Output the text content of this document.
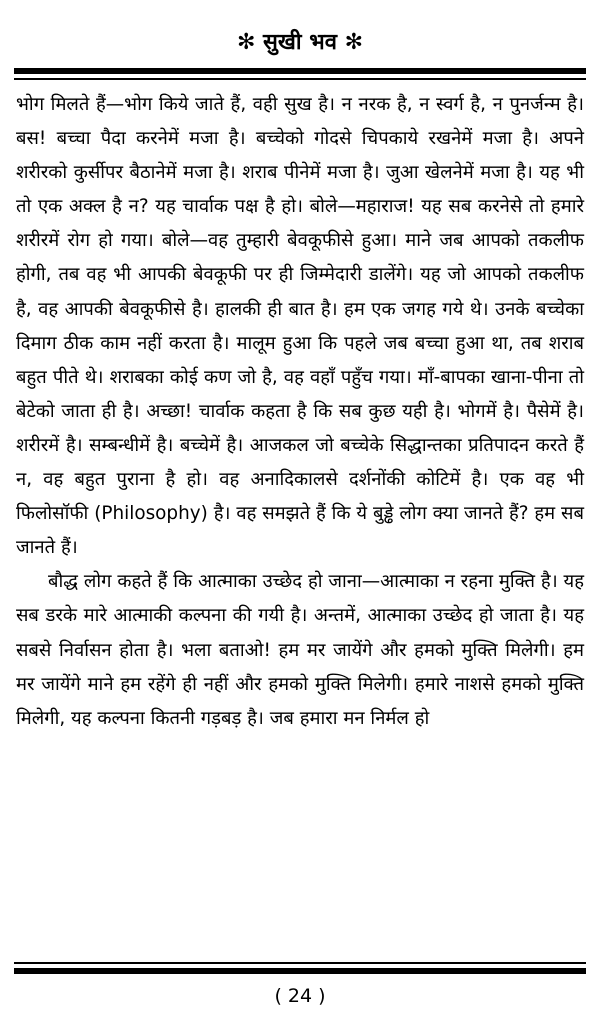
✻ सुखी भव ✻

भोग मिलते हैं—भोग किये जाते हैं, वही सुख है। न नरक है, न स्वर्ग है, न पुनर्जन्म है। बस! बच्चा पैदा करनेमें मजा है। बच्चेको गोदसे चिपकाये रखनेमें मजा है। अपने शरीरको कुर्सीपर बैठानेमें मजा है। शराब पीनेमें मजा है। जुआ खेलनेमें मजा है। यह भी तो एक अक्ल है न? यह चार्वाक पक्ष है हो। बोले—महाराज! यह सब करनेसे तो हमारे शरीरमें रोग हो गया। बोले—वह तुम्हारी बेवकूफीसे हुआ। माने जब आपको तकलीफ होगी, तब वह भी आपकी बेवकूफी पर ही जिम्मेदारी डालेंगे। यह जो आपको तकलीफ है, वह आपकी बेवकूफीसे है। हालकी ही बात है। हम एक जगह गये थे। उनके बच्चेका दिमाग ठीक काम नहीं करता है। मालूम हुआ कि पहले जब बच्चा हुआ था, तब शराब बहुत पीते थे। शराबका कोई कण जो है, वह वहाँ पहुँच गया। माँ-बापका खाना-पीना तो बेटेको जाता ही है। अच्छा! चार्वाक कहता है कि सब कुछ यही है। भोगमें है। पैसेमें है। शरीरमें है। सम्बन्धीमें है। बच्चेमें है। आजकल जो बच्चेके सिद्धान्तका प्रतिपादन करते हैं न, वह बहुत पुराना है हो। वह अनादिकालसे दर्शनोंकी कोटिमें है। एक वह भी फिलोसॉफी (Philosophy) है। वह समझते हैं कि ये बुड्ढे लोग क्या जानते हैं? हम सब जानते हैं।

बौद्ध लोग कहते हैं कि आत्माका उच्छेद हो जाना—आत्माका न रहना मुक्ति है। यह सब डरके मारे आत्माकी कल्पना की गयी है। अन्तमें, आत्माका उच्छेद हो जाता है। यह सबसे निर्वासन होता है। भला बताओ! हम मर जायेंगे और हमको मुक्ति मिलेगी। हम मर जायेंगे माने हम रहेंगे ही नहीं और हमको मुक्ति मिलेगी। हमारे नाशसे हमको मुक्ति मिलेगी, यह कल्पना कितनी गड़बड़ है। जब हमारा मन निर्मल हो

( 24 )
